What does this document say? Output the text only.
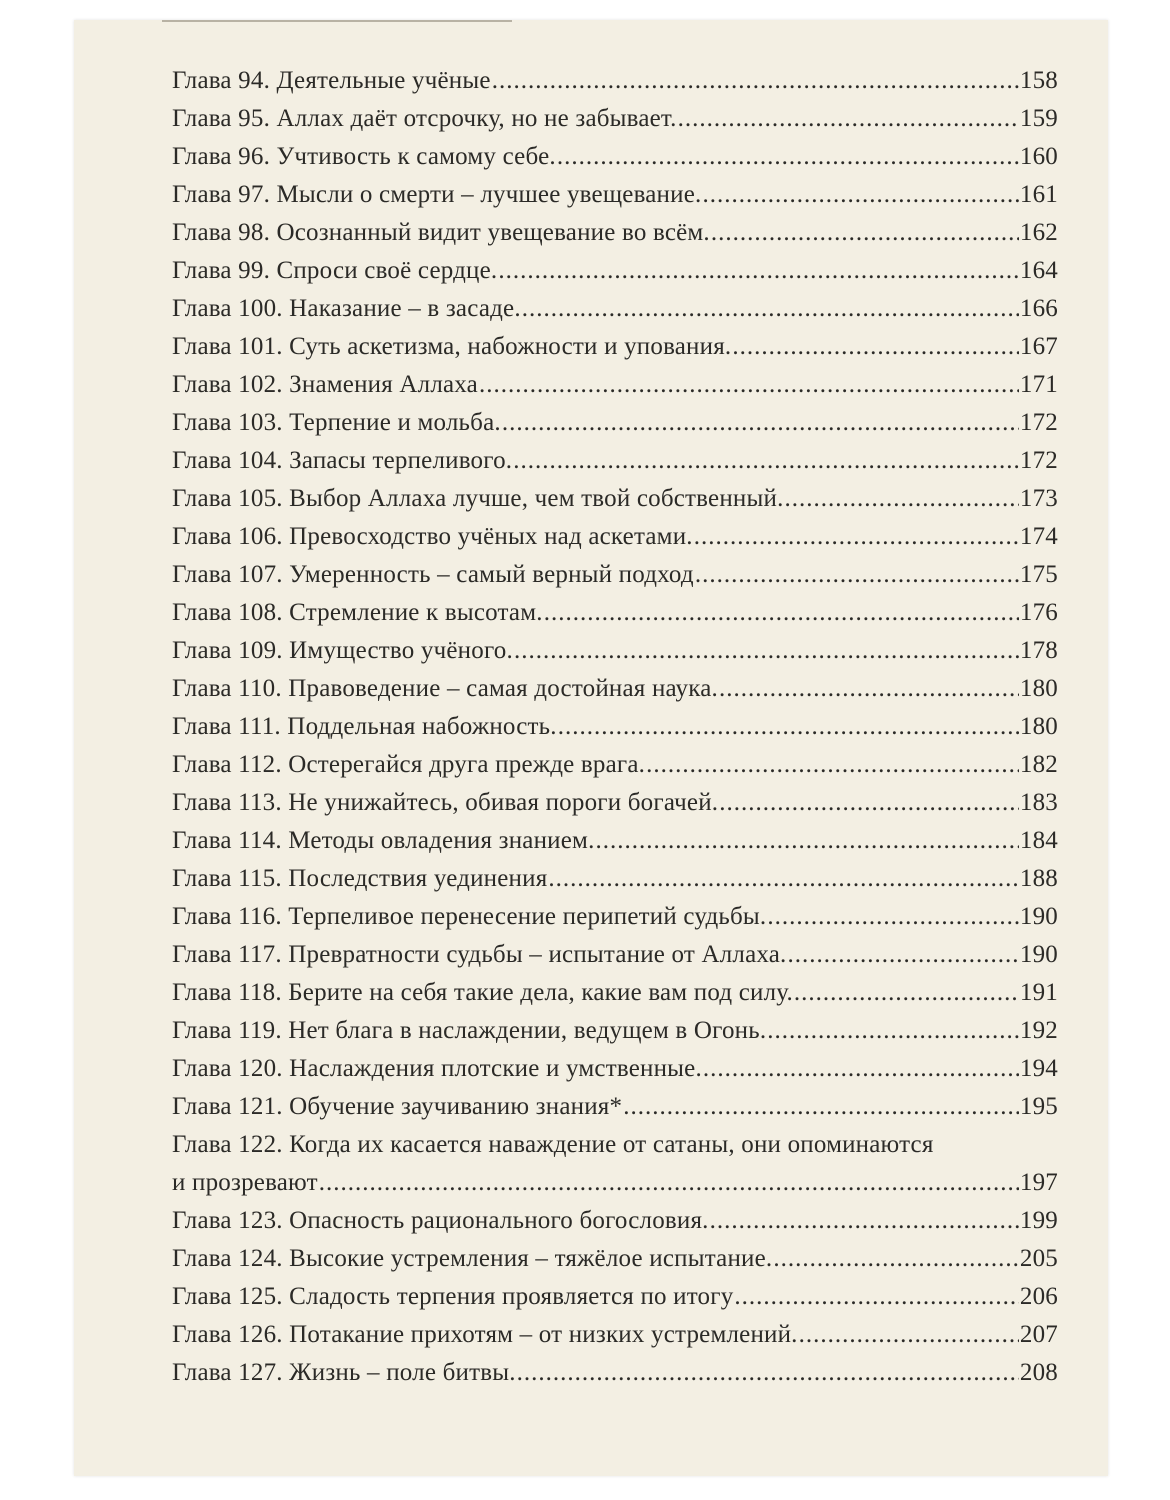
Глава 94. Деятельные учёные .....	158
Глава 95. Аллах даёт отсрочку, но не забывает. .....	159
Глава 96. Учтивость к самому себе. .....	160
Глава 97. Мысли о смерти – лучшее увещевание. .....	161
Глава 98. Осознанный видит увещевание во всём. .....	162
Глава 99. Спроси своё сердце. .....	164
Глава 100. Наказание – в засаде. .....	166
Глава 101. Суть аскетизма, набожности и упования. .....	167
Глава 102. Знамения Аллаха .....	171
Глава 103. Терпение и мольба. .....	172
Глава 104. Запасы терпеливого. .....	172
Глава 105. Выбор Аллаха лучше, чем твой собственный. .....	173
Глава 106. Превосходство учёных над аскетами. .....	174
Глава 107. Умеренность – самый верный подход .....	175
Глава 108. Стремление к высотам. .....	176
Глава 109. Имущество учёного. .....	178
Глава 110. Правоведение – самая достойная наука. .....	180
Глава 111. Поддельная набожность. .....	180
Глава 112. Остерегайся друга прежде врага. .....	182
Глава 113. Не унижайтесь, обивая пороги богачей. .....	183
Глава 114. Методы овладения знанием. .....	184
Глава 115. Последствия уединения .....	188
Глава 116. Терпеливое перенесение перипетий судьбы. .....	190
Глава 117. Превратности судьбы – испытание от Аллаха. .....	190
Глава 118. Берите на себя такие дела, какие вам под силу. .....	191
Глава 119. Нет блага в наслаждении, ведущем в Огонь. .....	192
Глава 120. Наслаждения плотские и умственные. .....	194
Глава 121. Обучение заучиванию знания* .....	195
Глава 122. Когда их касается наваждение от сатаны, они опоминаются
и прозревают .....	197
Глава 123. Опасность рационального богословия. .....	199
Глава 124. Высокие устремления – тяжёлое испытание. .....	205
Глава 125. Сладость терпения проявляется по итогу .....	206
Глава 126. Потакание прихотям – от низких устремлений. .....	207
Глава 127. Жизнь – поле битвы. .....	208
